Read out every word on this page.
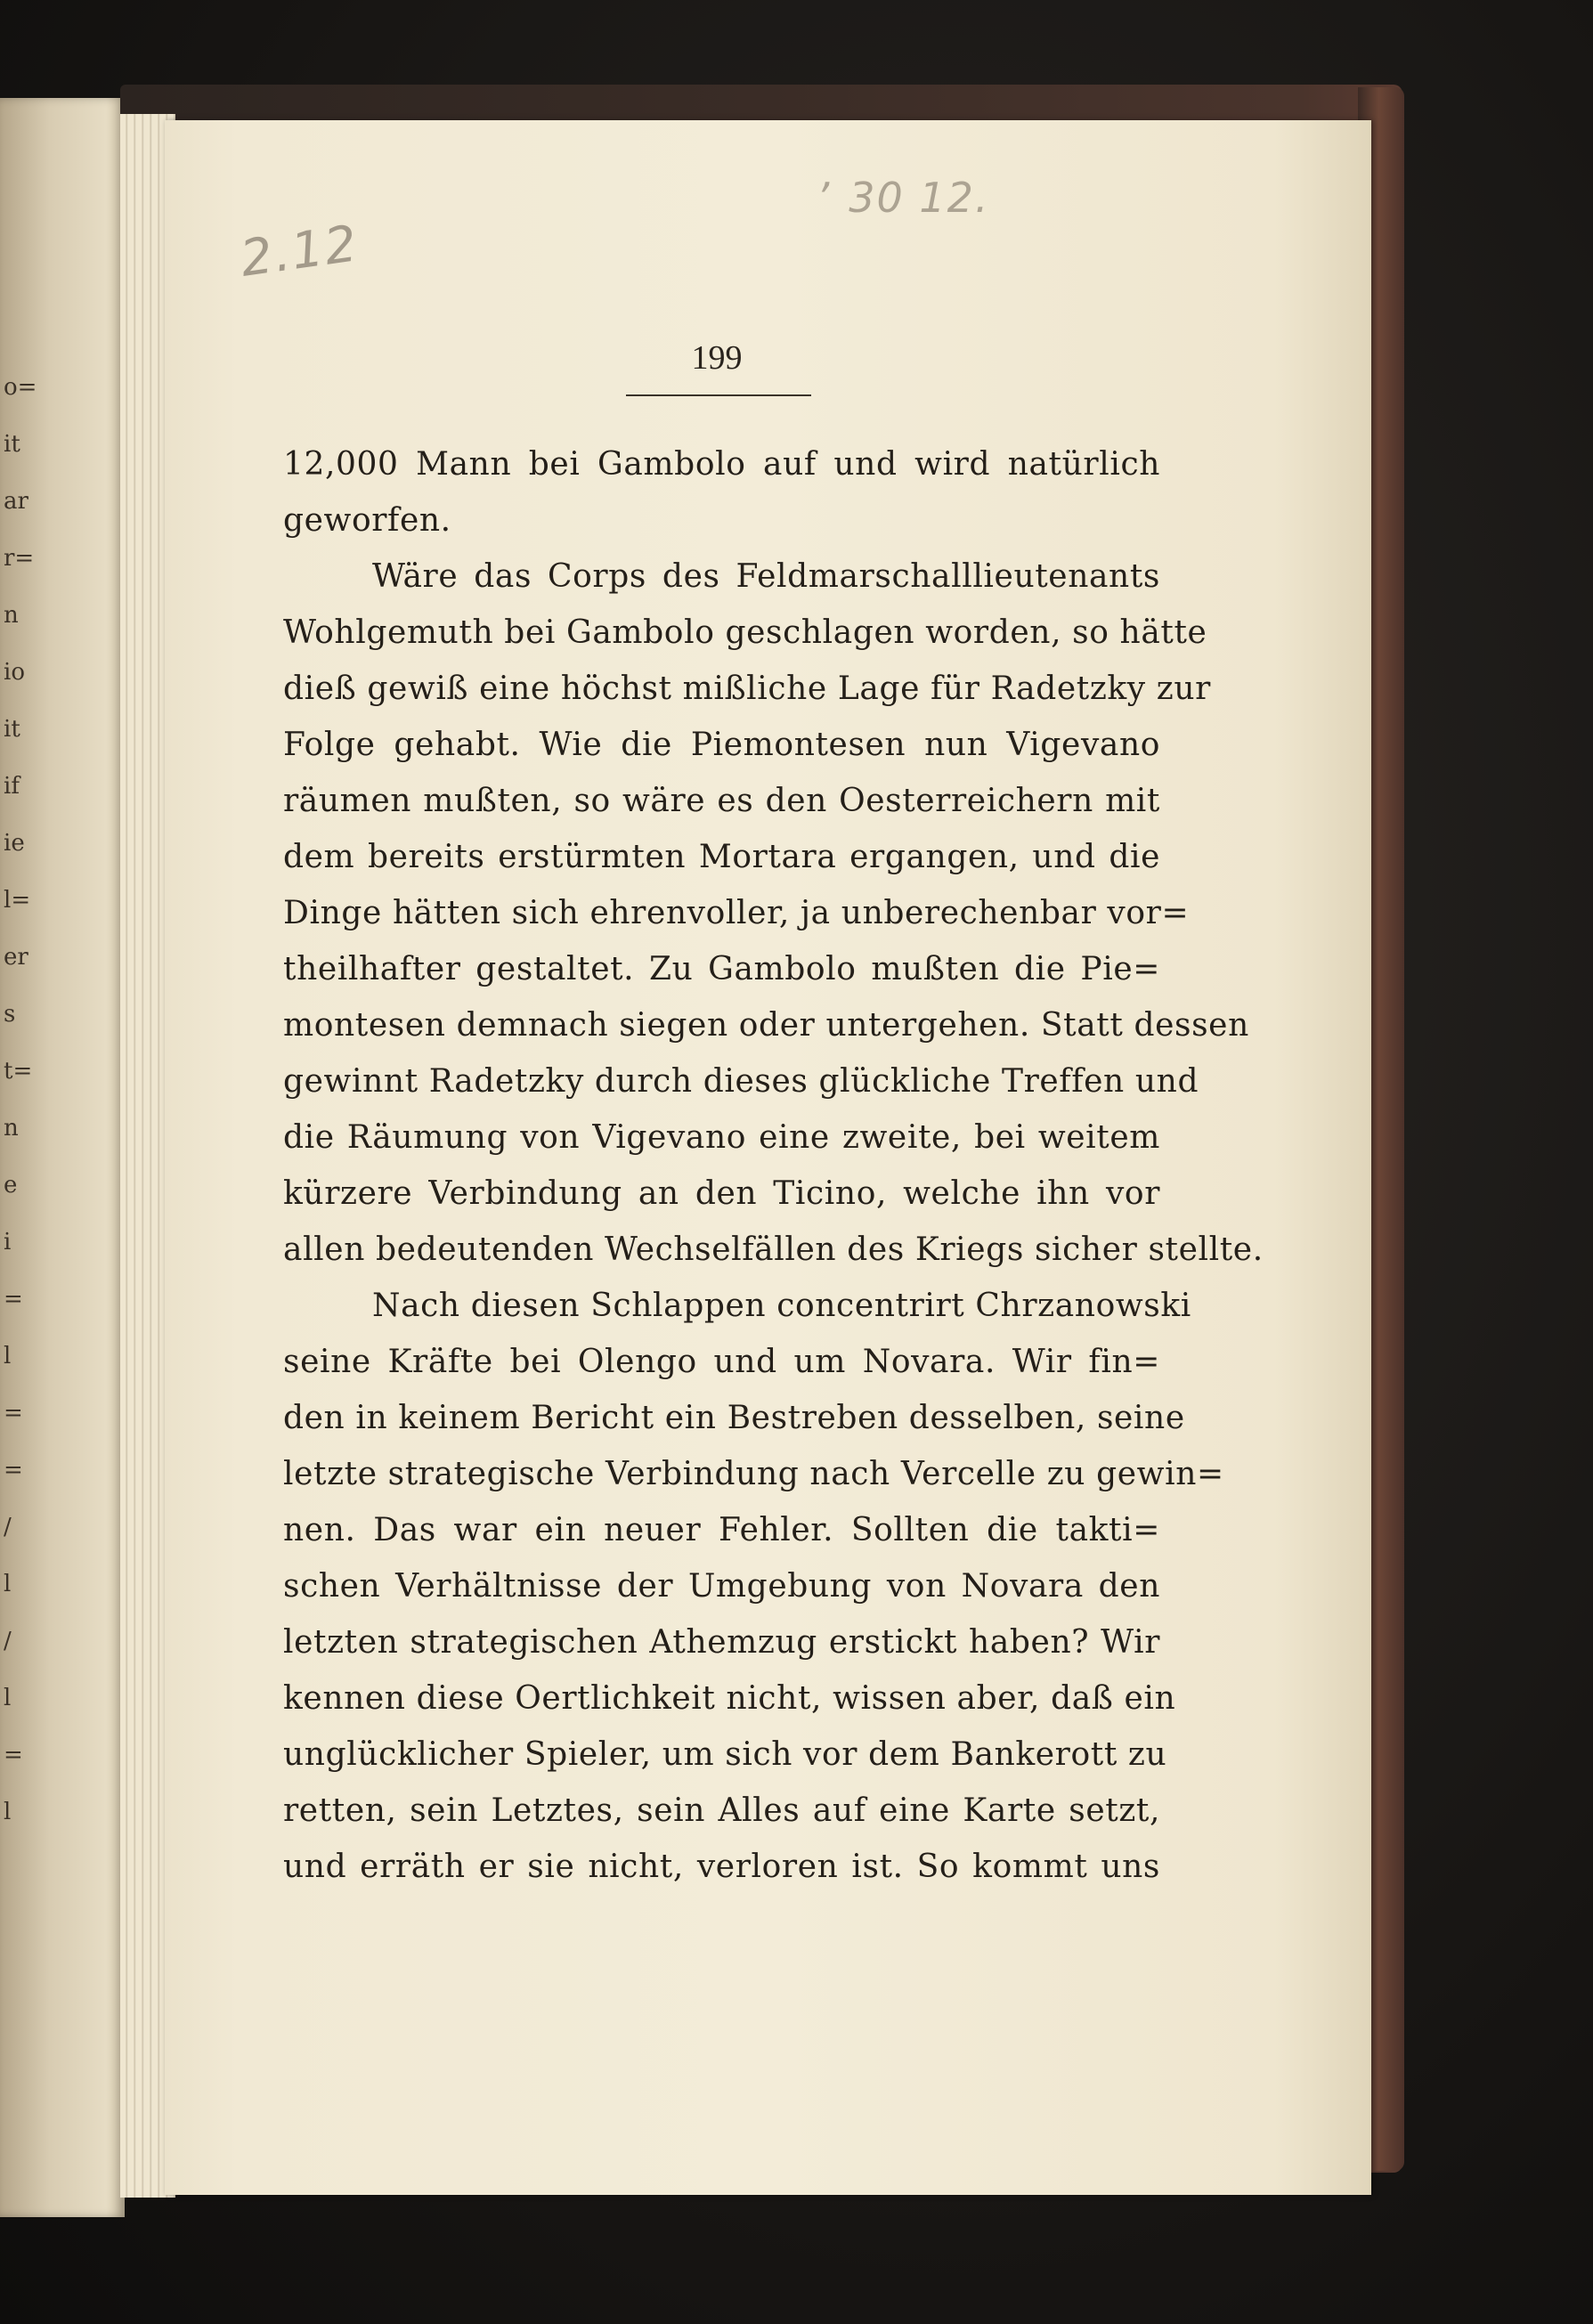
o=
it
ar
r=
n
io
it
if
ie
l=
er
s
t=
n
e
i
=
l
=
=
/
l
/
l
=
l
2.12
ʼ 30 12.
199
12,000 Mann bei Gambolo auf und wird natürlich
geworfen.
Wäre das Corps des Feldmarschalllieutenants
Wohlgemuth bei Gambolo geschlagen worden, so hätte
dieß gewiß eine höchst mißliche Lage für Radetzky zur
Folge gehabt. Wie die Piemontesen nun Vigevano
räumen mußten, so wäre es den Oesterreichern mit
dem bereits erstürmten Mortara ergangen, und die
Dinge hätten sich ehrenvoller, ja unberechenbar vor=
theilhafter gestaltet. Zu Gambolo mußten die Pie=
montesen demnach siegen oder untergehen. Statt dessen
gewinnt Radetzky durch dieses glückliche Treffen und
die Räumung von Vigevano eine zweite, bei weitem
kürzere Verbindung an den Ticino, welche ihn vor
allen bedeutenden Wechselfällen des Kriegs sicher stellte.
Nach diesen Schlappen concentrirt Chrzanowski
seine Kräfte bei Olengo und um Novara. Wir fin=
den in keinem Bericht ein Bestreben desselben, seine
letzte strategische Verbindung nach Vercelle zu gewin=
nen. Das war ein neuer Fehler. Sollten die takti=
schen Verhältnisse der Umgebung von Novara den
letzten strategischen Athemzug erstickt haben? Wir
kennen diese Oertlichkeit nicht, wissen aber, daß ein
unglücklicher Spieler, um sich vor dem Bankerott zu
retten, sein Letztes, sein Alles auf eine Karte setzt,
und erräth er sie nicht, verloren ist. So kommt uns
